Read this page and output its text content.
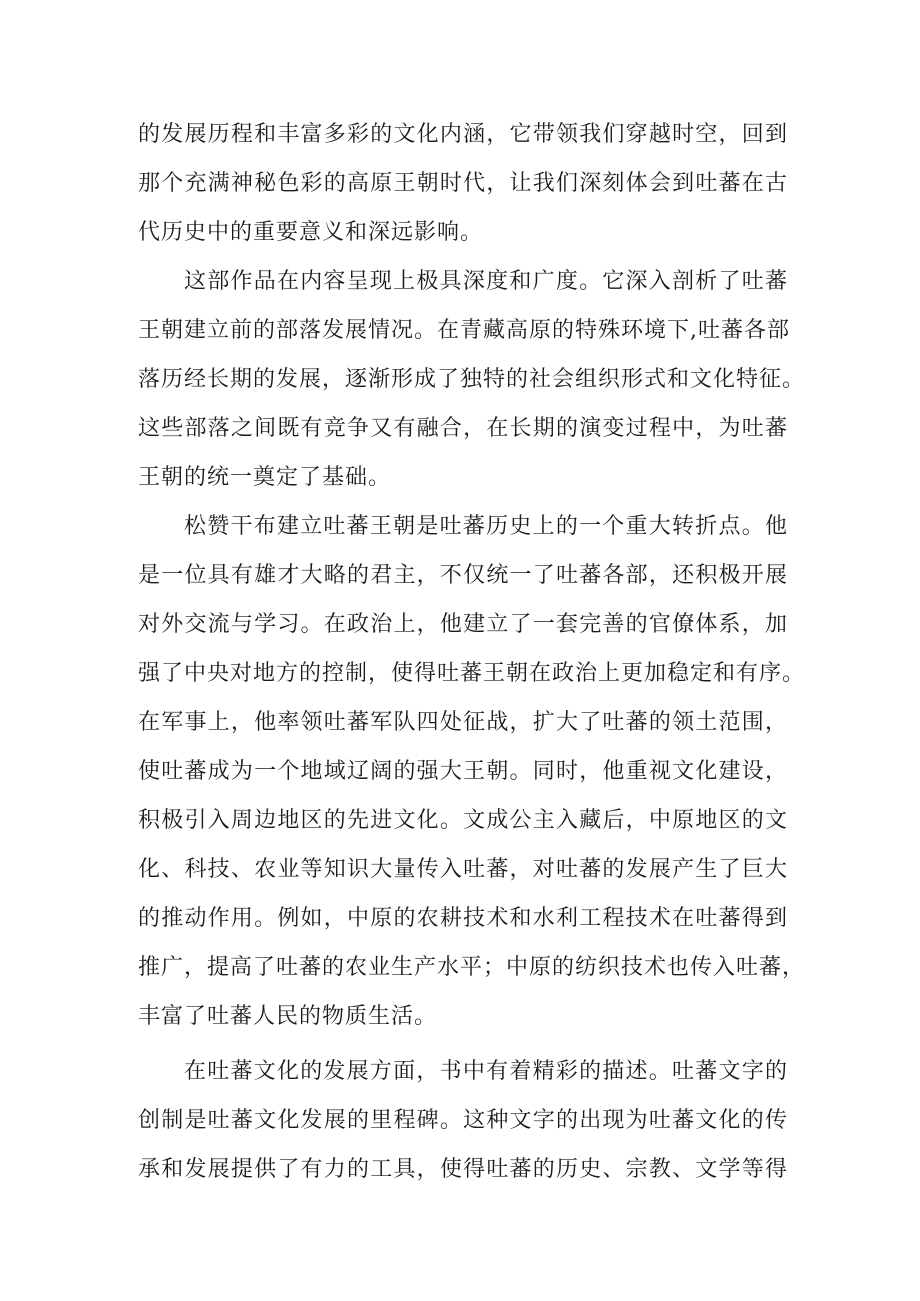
的发展历程和丰富多彩的文化内涵，它带领我们穿越时空，回到
那个充满神秘色彩的高原王朝时代，让我们深刻体会到吐蕃在古
代历史中的重要意义和深远影响。
这部作品在内容呈现上极具深度和广度。它深入剖析了吐蕃
王朝建立前的部落发展情况。在青藏高原的特殊环境下,吐蕃各部
落历经长期的发展，逐渐形成了独特的社会组织形式和文化特征。
这些部落之间既有竞争又有融合，在长期的演变过程中，为吐蕃
王朝的统一奠定了基础。
松赞干布建立吐蕃王朝是吐蕃历史上的一个重大转折点。他
是一位具有雄才大略的君主，不仅统一了吐蕃各部，还积极开展
对外交流与学习。在政治上，他建立了一套完善的官僚体系，加
强了中央对地方的控制，使得吐蕃王朝在政治上更加稳定和有序。
在军事上，他率领吐蕃军队四处征战，扩大了吐蕃的领土范围，
使吐蕃成为一个地域辽阔的强大王朝。同时，他重视文化建设，
积极引入周边地区的先进文化。文成公主入藏后，中原地区的文
化、科技、农业等知识大量传入吐蕃，对吐蕃的发展产生了巨大
的推动作用。例如，中原的农耕技术和水利工程技术在吐蕃得到
推广，提高了吐蕃的农业生产水平；中原的纺织技术也传入吐蕃，
丰富了吐蕃人民的物质生活。
在吐蕃文化的发展方面，书中有着精彩的描述。吐蕃文字的
创制是吐蕃文化发展的里程碑。这种文字的出现为吐蕃文化的传
承和发展提供了有力的工具，使得吐蕃的历史、宗教、文学等得
